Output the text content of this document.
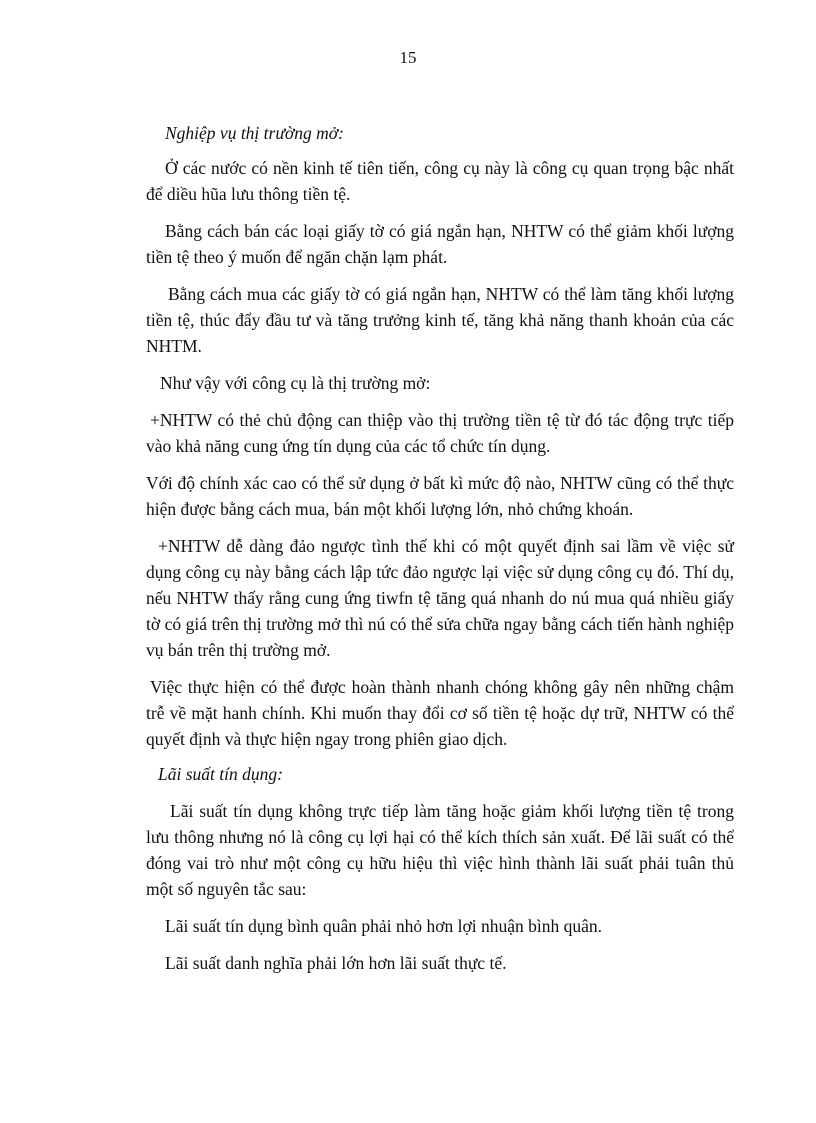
15

Nghiệp vụ thị trường mở:

Ở các nước có nền kinh tế tiên tiến, công cụ này là công cụ quan trọng bậc nhất để diều hũa lưu thông tiền tệ.

Bằng cách bán các loại giấy tờ có giá ngắn hạn, NHTW có thể giảm khối lượng tiền tệ theo ý muốn để ngăn chặn lạm phát.

Bằng cách mua các giấy tờ có giá ngắn hạn, NHTW có thể làm tăng khối lượng tiền tệ, thúc đẩy đầu tư và tăng trưởng kinh tế, tăng khả năng thanh khoản của các NHTM.

Như vậy với công cụ là thị trường mở:

+NHTW có thẻ chủ động can thiệp vào thị trường tiền tệ từ đó tác động trực tiếp vào khả năng cung ứng tín dụng của các tổ chức tín dụng.

Với độ chính xác cao có thể sử dụng ở bất kì mức độ nào, NHTW cũng có thể thực hiện được bằng cách mua, bán một khối lượng lớn, nhỏ chứng khoán.

+NHTW dễ dàng đảo ngược tình thế khi có một quyết định sai lầm về việc sử dụng công cụ này bằng cách lập tức đảo ngược lại việc sử dụng công cụ đó. Thí dụ, nếu NHTW thấy rằng cung ứng tiwfn tệ tăng quá nhanh do nú mua quá nhiều giấy tờ có giá trên thị trường mở thì nú có thể sửa chữa ngay bằng cách tiến hành nghiệp vụ bán trên thị trường mở.

Việc thực hiện có thể được hoàn thành nhanh chóng không gây nên những chậm trễ về mặt hanh chính. Khi muốn thay đổi cơ số tiền tệ hoặc dự trữ, NHTW có thể quyết định và thực hiện ngay trong phiên giao dịch.

Lãi suất tín dụng:

Lãi suất tín dụng không trực tiếp làm tăng hoặc giảm khối lượng tiền tệ trong lưu thông nhưng nó là công cụ lợi hại có thể kích thích sản xuất. Để lãi suất có thể đóng vai trò như một công cụ hữu hiệu thì việc hình thành lãi suất phải tuân thủ một số nguyên tắc sau:

Lãi suất tín dụng bình quân phải nhỏ hơn lợi nhuận bình quân.

Lãi suất danh nghĩa phải lớn hơn lãi suất thực tế.
